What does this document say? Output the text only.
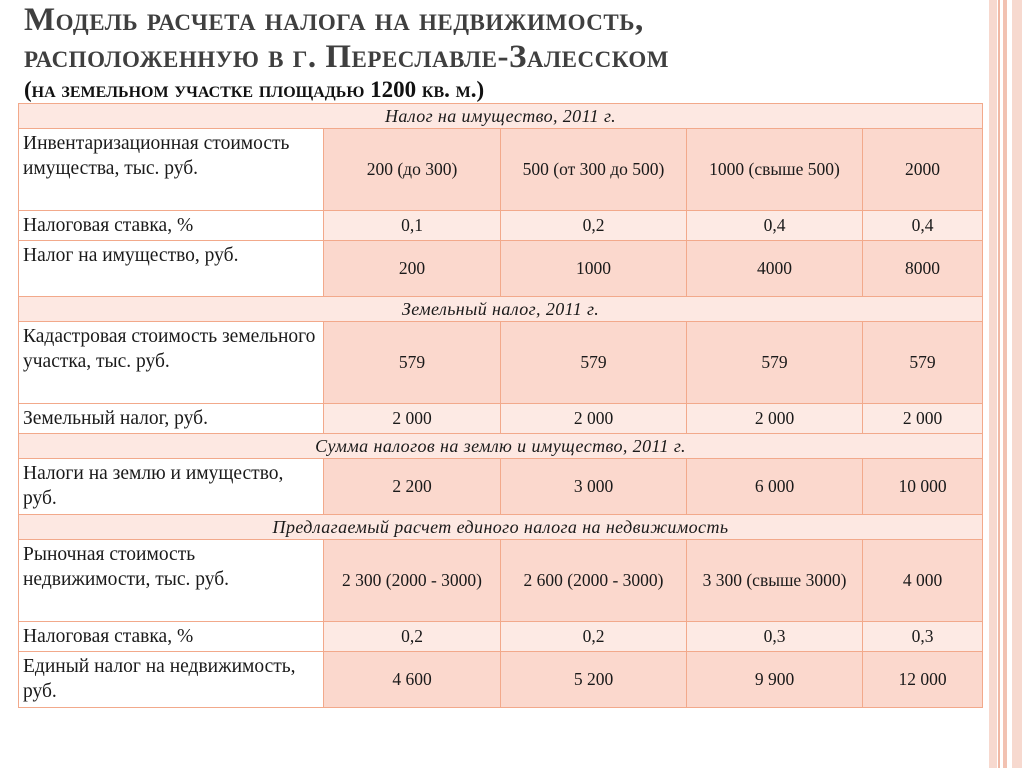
Модель расчета налога на недвижимость,
расположенную в г. Переславле-Залесском
(на земельном участке площадью 1200 кв. м.)
Налог на имущество, 2011 г.				
Инвентаризационная стоимость имущества, тыс. руб.	200 (до 300)	500 (от 300 до 500)	1000 (свыше 500)	2000
Налоговая ставка, %	0,1	0,2	0,4	0,4
Налог на имущество, руб.	200	1000	4000	8000
Земельный налог, 2011 г.				
Кадастровая стоимость земельного участка, тыс. руб.	579	579	579	579
Земельный налог, руб.	2 000	2 000	2 000	2 000
Сумма налогов на землю и имущество, 2011 г.				
Налоги на землю и имущество, руб.	2 200	3 000	6 000	10 000
Предлагаемый расчет единого налога на недвижимость				
Рыночная стоимость недвижимости, тыс. руб.	2 300 (2000 - 3000)	2 600 (2000 - 3000)	3 300 (свыше 3000)	4 000
Налоговая ставка, %	0,2	0,2	0,3	0,3
Единый налог на недвижимость, руб.	4 600	5 200	9 900	12 000
